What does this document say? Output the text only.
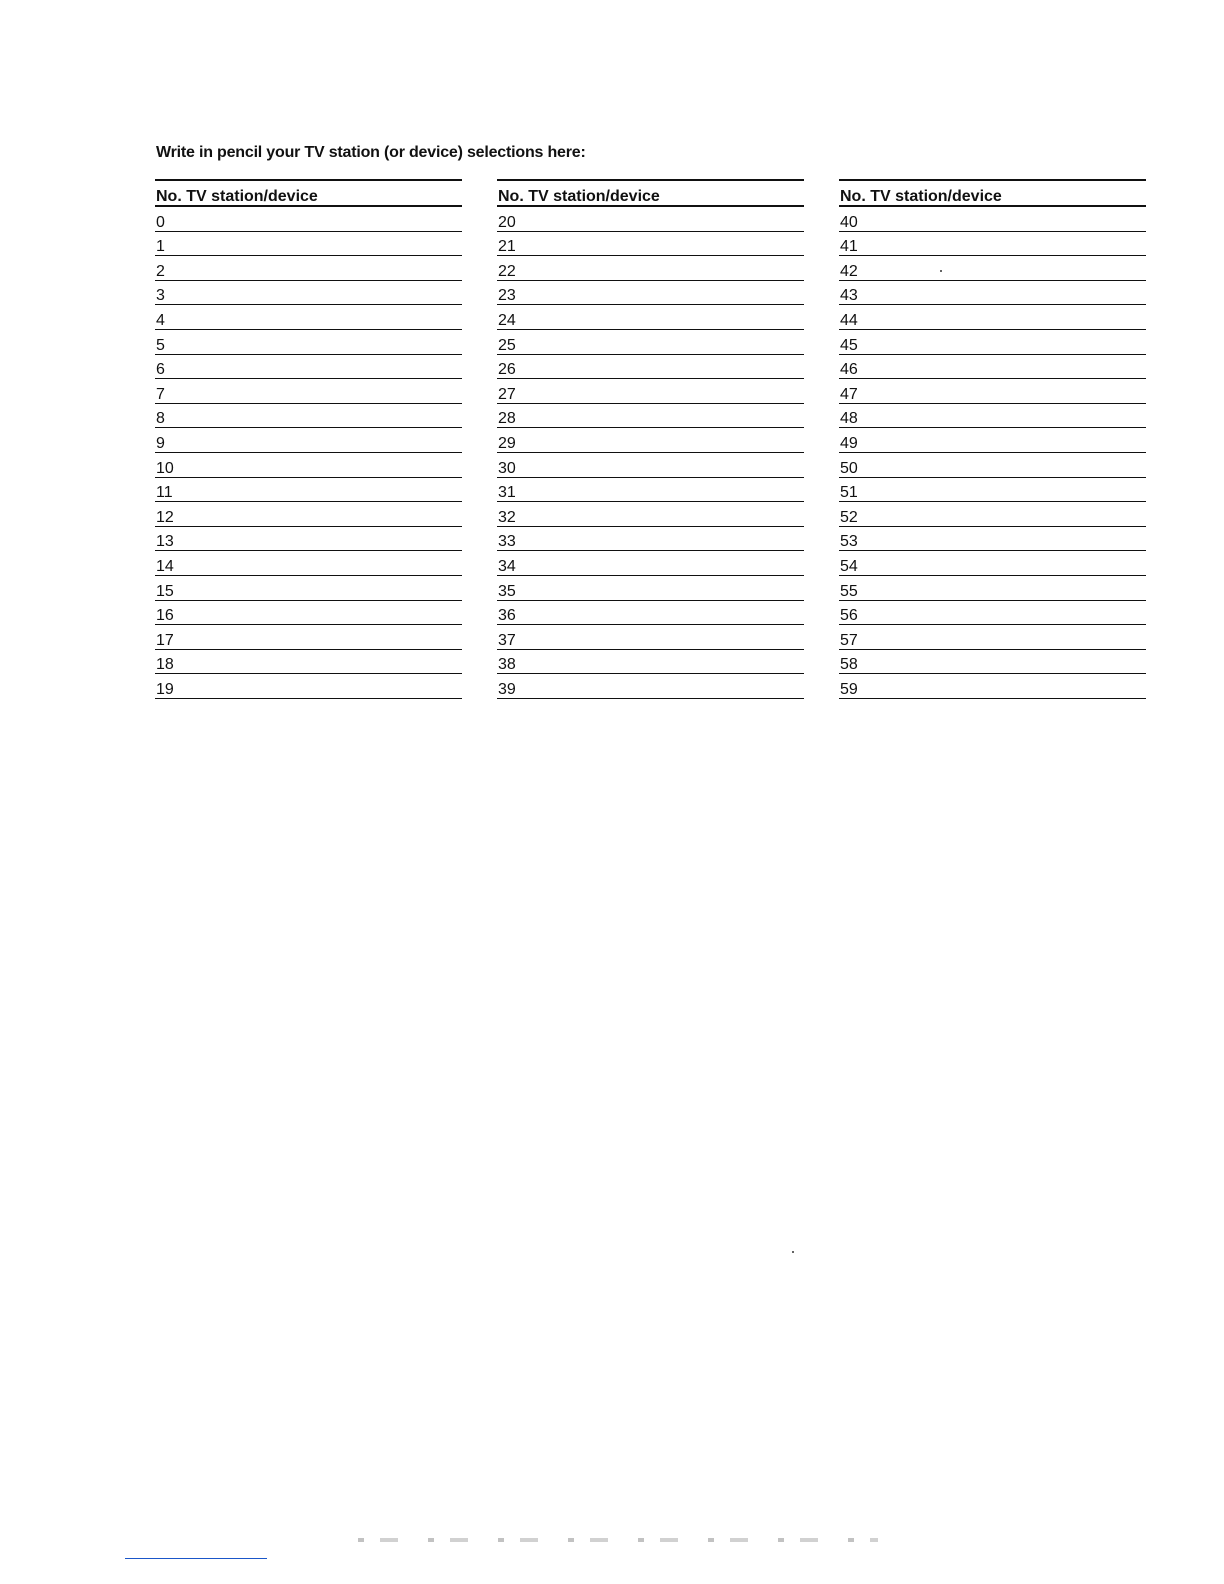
Write in pencil your TV station (or device) selections here:
No. TV station/device
0
1
2
3
4
5
6
7
8
9
10
11
12
13
14
15
16
17
18
19
No. TV station/device
20
21
22
23
24
25
26
27
28
29
30
31
32
33
34
35
36
37
38
39
No. TV station/device
40
41
42
43
44
45
46
47
48
49
50
51
52
53
54
55
56
57
58
59
